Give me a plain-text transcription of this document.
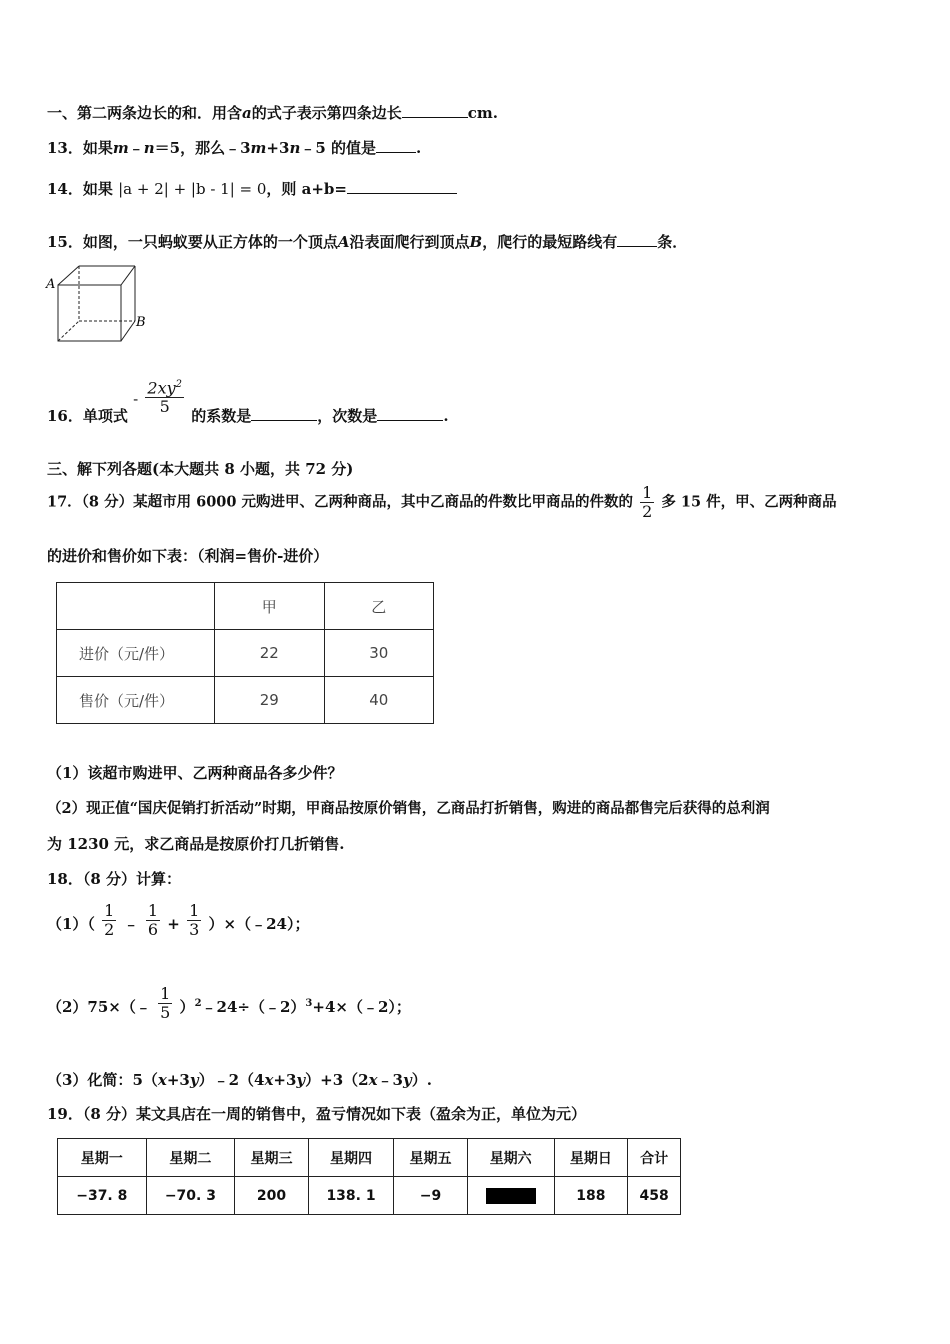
一、第二两条边长的和．用含a的式子表示第四条边长	cm.
13．如果m﹣n＝5，那么﹣3m+3n﹣5 的值是	.
14．如果 |a + 2| + |b - 1| = 0，则 a+b=
15．如图，一只蚂蚁要从正方体的一个顶点A沿表面爬行到顶点B，爬行的最短路线有	条．
A
B
16．单项式 - $\frac{2xy^2}{5}$ 的系数是	，次数是	.
三、解下列各题(本大题共 8 小题，共 72 分)
17．（8 分）某超市用 6000 元购进甲、乙两种商品，其中乙商品的件数比甲商品的件数的 $\frac{1}{2}$ 多 15 件，甲、乙两种商品
的进价和售价如下表：（利润=售价-进价）
	甲	乙
进价（元/件）	22	30
售价（元/件）	29	40
（1）该超市购进甲、乙两种商品各多少件？
（2）现正值“国庆促销打折活动”时期，甲商品按原价销售，乙商品打折销售，购进的商品都售完后获得的总利润
为 1230 元，求乙商品是按原价打几折销售.
18．（8 分）计算：
$(1)( \frac{1}{2}$ ﹣ $\frac{1}{6} + \frac{1}{3}$ ）×（﹣24）；
（2）75×（﹣ $\frac{1}{5}$ ）$^2$﹣24÷（﹣2）$^3$+4×（﹣2）；
（3）化简：5（x+3y）﹣2（4x+3y）+3（2x﹣3y）.
19．（8 分）某文具店在一周的销售中，盈亏情况如下表（盈余为正，单位为元）
星期一	星期二	星期三	星期四	星期五	星期六	星期日	合计
−37. 8	−70. 3	200	138. 1	−9		188	458
